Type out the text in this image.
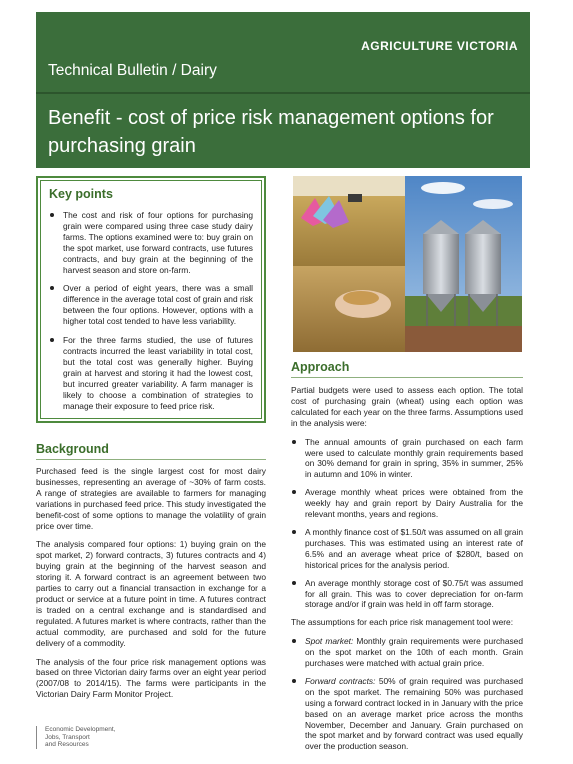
AGRICULTURE VICTORIA
Technical Bulletin / Dairy
Benefit - cost of price risk management options for purchasing grain
Key points
The cost and risk of four options for purchasing grain were compared using three case study dairy farms. The options examined were to: buy grain on the spot market, use forward contracts, use futures contracts, and buy grain at the beginning of the harvest season and store on-farm.
Over a period of eight years, there was a small difference in the average total cost of grain and risk between the four options. However, options with a higher total cost tended to have less variability.
For the three farms studied, the use of futures contracts incurred the least variability in total cost, but the total cost was generally higher. Buying grain at harvest and storing it had the lowest cost, but incurred greater variability. A farm manager is likely to choose a combination of strategies to manage their exposure to feed price risk.
Background

Purchased feed is the single largest cost for most dairy businesses, representing an average of ~30% of farm costs. A range of strategies are available to farmers for managing variations in purchased feed price. This study investigated the benefit-cost of some options to manage the volatility of grain price over time.

The analysis compared four options: 1) buying grain on the spot market, 2) forward contracts, 3) futures contracts and 4) buying grain at the beginning of the harvest season and storing it. A forward contract is an agreement between two parties to carry out a financial transaction in exchange for a product or service at a future point in time. A futures contract is traded on a central exchange and is standardised and regulated. A futures market is where contracts, rather than the actual commodity, are purchased and sold for the future delivery of a commodity.

The analysis of the four price risk management options was based on three Victorian dairy farms over an eight year period (2007/08 to 2014/15). The farms were participants in the Victorian Dairy Farm Monitor Project.

Economic Development,
Jobs, Transport
and Resources
Approach

Partial budgets were used to assess each option. The total cost of purchasing grain (wheat) using each option was calculated for each year on the three farms. Assumptions used in the analysis were:

The annual amounts of grain purchased on each farm were used to calculate monthly grain requirements based on 30% demand for grain in spring, 35% in summer, 25% in autumn and 10% in winter.
Average monthly wheat prices were obtained from the weekly hay and grain report by Dairy Australia for the relevant months, years and regions.
A monthly finance cost of $1.50/t was assumed on all grain purchases. This was estimated using an interest rate of 6.5% and an average wheat price of $280/t, based on historical prices for the analysis period.
An average monthly storage cost of $0.75/t was assumed for all grain. This was to cover depreciation for on-farm storage and/or if grain was held in off farm storage.

The assumptions for each price risk management tool were:

Spot market: Monthly grain requirements were purchased on the spot market on the 10th of each month. Grain purchases were matched with actual grain price.
Forward contracts: 50% of grain required was purchased on the spot market. The remaining 50% was purchased using a forward contract locked in in January with the price based on an average market price across the months November, December and January. Grain purchased on the spot market and by forward contract was used equally over the production season.
